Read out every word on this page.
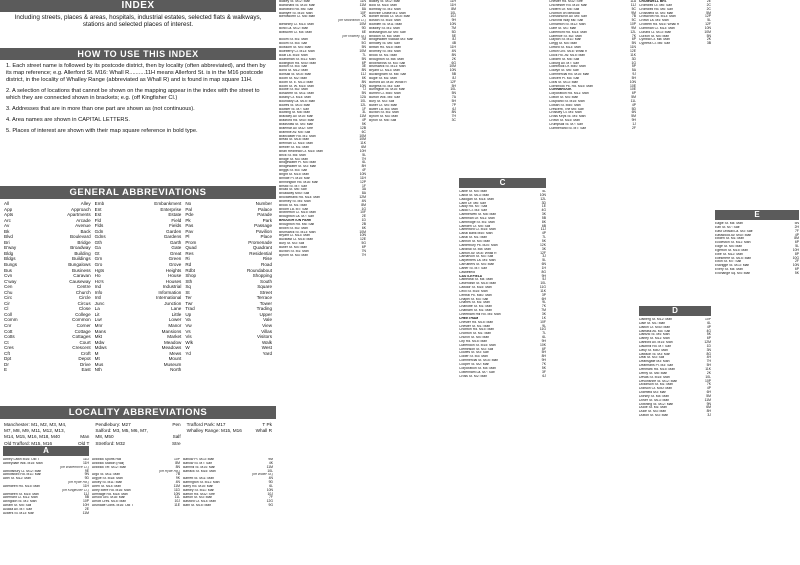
INDEX
Including streets, places & areas, hospitals, industrial estates, selected flats & walkways, stations and selected places of interest.
HOW TO USE THIS INDEX

1. Each street name is followed by its postcode district, then by locality (often abbreviated), and then by its map reference; e.g. Allerford St. M16: Whall R..........11H means Allerford St. is in the M16 postcode district, in the locality of Whalley Range (abbreviated as Whall R) and is found in map square 11H.

2. A selection of locations that cannot be shown on the mapping appear in the index with the street to which they are connected shown in brackets; e.g. (off Kingfisher Cl.)

3. Addresses that are in more than one part are shown as (not continuous).

4. Area names are shown in CAPITAL LETTERS.

5. Places of interest are shown with their map square reference in bold type.

GENERAL ABBREVIATIONS
All	Alley
App	Approach
Apts	Apartments
Arc	Arcade
Av	Avenue
Bk	Back
Blvd	Boulevard
Bri	Bridge
B'way	Broadway
Bldg	Building
Bldgs	Buildings
Bungs	Bungalows
Bus	Business
Cvn	Caravan
C'way	Causeway
Cen	Centre
Chu	Church
Circ	Circle
Cir	Circus
Cl	Close
Coll	College
Comm	Common
Cnr	Corner
Cott	Cottage
Cotts	Cottages
Ct	Court
Cres	Crescent
Cft	Croft
Dpt	Depot
Dr	Drive
E	East
Emb	Embankment
Ent	Enterprise
Est	Estate
Fld	Field
Flds	Fields
Gdn	Garden
Gdns	Gardens
Gth	Garth
Ga	Gate
Gt	Great
Grn	Green
Gro	Grove
Hgts	Heights
Ho	House
Ho's	Houses
Ind	Industrial
Info	Information
Intl	International
Junc	Junction
La	Lane
Lit	Little
Lwr	Lower
Mnr	Manor
Mans	Mansions
Mkt	Market
Mdw	Meadow
Mdws	Meadows
M	Mews
Mt	Mount
Mus	Museum
Nth	North
No	Number
Pal	Palace
Pde	Parade
Pk	Park
Pas	Passage
Pav	Pavilion
Pl	Place
Prom	Promenade
Quad	Quadrant
Res	Residential
Ri	Rise
Rd	Road
Rdbt	Roundabout
Shop	Shopping
Sth	South
Sq	Square
St	Street
Ter	Terrace
Twr	Tower
Trad	Trading
Up	Upper
Va	Vale
Vw	View
Vs	Villas
Vis	Visitors
Wlk	Walk
W	West
Yd	Yard
LOCALITY ABBREVIATIONS
Manchester: M1, M2, M3, M4,
M7, M8, M9, M11, M12, M13,
M14, M15, M16, M18, M40	Man
Old Trafford: M15, M16	Old T
Pendlebury: M27	Pen
Salford: M3, M5, M6, M7,
M8, M50	Salf
Stretford: M32	Stre
Trafford Park: M17	T Pk
Whalley Range: M15, M16	Whall R
A
Abbey Lawn M16: Old T	11D
Abbeydale Wlk. M15: Man	11H
(off Wilberforce Cl.)
Abbotsbury Cl. M12: Man	9E
Abbotsford Rd. M11: Man	9N
Abel St. M12: Man	9D
(off Hyde Rd.)
Aberdeen Ho. M15: Man	11H
(off Kingfisher Cl.)
Aberdeen St. M15: Man	11J
Abernant Cl. M11: Man	5B
Abingdon St. M1: Man	10P
Abram St. M5: Salf	10H
Acacia Av. M7: Salf	2E
Ackers St. M13: Man	11M
Ardwick Sports Hall	10P
Ardwick Station (Rail)	8M
Ardwick Ter. M12: Man	8N
(off Hyde Rd.)
Argo St. M11: Man	7B
Argyle St. M18: Man	9K
Arkley St. M11: Man	4N
Arlen St. M14: Man	11M
Arley Mere Rd. M16: Man	11D
Armitage Rd. M18: Man	10N
Arnold Gro. M18: Man	11L
Arnott Cres. M15: Man	10J
Arundale Gdns. M16: Old T	11E
Barlow Pl. M13: Man	9M
Barlow St. M7: Salf	4K
Barnhill St. M14: Man	11M
Barrack St. M15: Man	10L
(off Water St.)
Barrett St. M11: Man	4N
Barrington St. M11: Man	9D
Barry Rd. M15: Man	6L
Bartley St. M11: Man	10N
Barton Rd. M32: Stre	10J
Barton St. M3: Man	7F
Basford Ct. M14: Man	12G
Bath St. M15: Man	9G
Blakey St. M12: Man	11N
Blanchard St. M15: Man	11M
Blandford Rd. M6: Salf	8A
Blantyre St. M15: Man	10F
Blendworth Cl. M8: Man	2K
(off Moordown Cl.)
Bletchley Cl. M13: Man	10M
Blind La. M12: Man	9D
Blisworth Cl. M4: Man	6E
(off Rodney St.)
Bloom St. M1: Man	7M
Bloom St. M3: Salf	5G
Blossom St. M4: Man	5N
Blueberry Cl. M13: Man	10M
Boat La. M15: Man	7L
Boardman St. M11: Man	5N
Bollington Rd. M40: Man	6P
Bolton St. M3: Salf	3E
Bond St. M12: Man	8N
Bonsall St. M15: Man	11J
Booth St. M2: Man	6K
Booth St. E. M13: Man	8N
Booth St. W. M15: Man	10N
Bootle St. M2: Man	7J
Bosworth St. M11: Man	5N
Botany Ct. M14: Man	12A
Boundary La. M15: Man	10L
Bowes St. M14: Man	12L
Bowker St. M7: Salf	1F
Bowling St. M8: Man	3L
Brackley Av. M15: Man	11M
Bradford Rd. M40: Man	4P
Bradshaw St. M4: Man	5K
Braemar Av. M32: Stre	12B
Bramble Av. M5: Salf	6C
Brancaster Rd. M1: Man	10M
Bread St. M18: Man	10M
Brennan Cl. M15: Man	11K
Brewer St. M1: Man	6M
Brian Redhead Ct. M15: Man	10H
Brick St. M4: Man	5L
Bridge St. M3: Man	7H
Bridgewater Pl. M4: Man	6L
Bridgewater St. M3: Man	8H
Briggs St. M3: Salf	4F
Bright St. M15: Man	10N
Brindle Pl. M15: Man	11H
Brinnington Rd. M16: Man	12P
Bristol St. M7: Salf	1F
Broad St. M6: Salf	3A
Broadway M50: Salf	8A
Brocklebank Rd. M14: Man	12M
Bromley St. M4: Man	4N
Brook St. M1: Man	8M
Broom La. M7: Salf	1G
Brotherton Cl. M15: Man	10F
Broughton La. M7: Salf	2E
BROUGHTON PARK	1D
Broughton Rd. M6: Salf	2B
Brown St. M2: Man	6K
Brunswick St. M13: Man	10M
Bryant Cl. M13: Man	10N
Buckfast Cl. M16: Man	12E
Bury St. M3: Salf	5G
Butler St. M4: Man	6P
Buxton St. M1: Man	7N
Byrom St. M3: Man	7H
Blakey St. M12: Man	11H
Bold St. M15: Man	11H
Bombay St. M1: Man	8M
Bonville Chase M1: Man	10L
Border Brook Ct. M15: Man	10J
Boston St. M15: Man	9H
Bowden St. M11: Man	10N
Bradley St. M1: Man	7M
Brassington Av. M5: Salf	5D
Briddon St. M3: Man	5E
Bridgewater Viaduct M3: Man	8J
Brindley St. M6: Salf	4B
Brittan Ho. M15: Man	11H
Bromley St. M4: Man	4N
Brook St. M1: Man	8N
Broughton St. M8: Man	2K
Browncross St. M3: Salf	6G
Brunswick St. M13: Man	10M
Bryant Cl. M13: Man	10N
Buckingham St. M5: Salf	5B
Bugle St. M1: Man	8J
Burford Av. M16: Whall R	12F
Burgess St. M3: Salf	5H
Burlington St. M15: Man	10L
Burnell Cl. M40: Man	5N
Burton Wlk. M5: Salf	7A
Bury St. M3: Salf	5H
Butler Ct. M4: Man	7P
Butter La. M3: Man	6J
Buxton St. M1: Man	8N
Byrom St. M3: Man	7H
Byron St. M6: Salf	3C
C
Cable St. M4: Man	5L
Cabot St. M13: Man	10N
Cadogan St. M14: Man	12L
Cairn Dr. M6: Salf	3D
Caldy Rd. M7: Salf	1E
Calico Cl. M3: Salf	4G
Camberwell St. M8: Man	3K
Cambrian Dr. M11: Man	5B
Cambridge St. M1: Man	8K
Camden Ct. M5: Salf	6B
Camelford Cl. M15: Man	11J
Canal Bank M40: Man	4P
Canal St. M1: Man	7L
Cannon St. M4: Man	5K
Canterbury Pk. M20: Man	12K
Cardinal St. M8: Man	3K
Carlton Av. M16: Whall R	12F
Carnarvon St. M3: Salf	3J
Carpenters La. M4: Man	5L
Carruthers St. M4: Man	6N
Carter St. M7: Salf	1H
Castlefield	8G
CASTLEFIELD	9H
Cathedral St. M4: Man	5J
Cavendish St. M15: Man	10L
Cawdor St. M15: Man	11G
Cecil St. M15: Man	11K
Central Pk. M40: Man	3P
Chapel St. M3: Salf	6H
Charles St. M1: Man	9L
Charlotte St. M1: Man	7K
Chatham St. M1: Man	7M
Cheetham Hill Rd. M4: Man	3K
CHEETHAM	1K
Chester Rd. M15: Man	10F
Chester St. M1: Man	9L
Chorlton Rd. M15: Man	11G
Chorlton St. M1: Man	7L
Church St. M4: Man	6L
City Rd. M15: Man	9H
Clarendon St. M15: Man	10K
Cleminson St. M3: Salf	6F
Clowes St. M3: Salf	5H
Collier St. M3: Man	8H
Commercial St. M15: Man	9H
Cooper St. M2: Man	7K
Corporation St. M4: Man	5K
Cottenham La. M7: Salf	3F
Cross St. M2: Man	6J
Chester Rd. M32: Stre	11A
Chichester Rd. M15: Man	11J
Chiltern Dr. M6: Salf	5C
Chorlton on Medlock	9M
Christchurch Av. M5: Salf	7B
Churchill Way M6: Salf	5C
Cinnamon St. M12: Man	10P
Clare St. M1: Man	9M
Claremont Rd. M14: Man	12L
Clarence St. M2: Man	7K
Clayton St. M11: Man	6P
Clegg St. M4: Man	5N
Clifford St. M13: Man	11N
Clifton Gro. M16: Whall R	12E
Clock Ho. Av. M15: Man	11K
Cobden St. M6: Salf	3D
Coburg Av. M7: Salf	1G
Colebrook Dr. M40: Man	5P
Colwyn St. M6: Salf	5A
Commercial Rd. M15: Man	9J
Concert Pl. M3: Salf	5H
Coral St. M13: Man	10N
Cornbrook Pk. Rd. M15: Man	10E
CORNBROOK	10E
Corporation Rd. M11: Man	6P
Cotton St. M4: Man	5M
Coupland St. M15: Man	11L
Cowan St. M40: Man	4P
Crescent, The M5: Salf	5D
Crossley Ct. M4: Man	6N
Cross Keys St. M4: Man	5M
Crown St. M15: Man	9H
Crumpsall St. M7: Salf	1J
Cumberland St. M7: Salf	2F
CROMWELL BRI.	2E
Cromwell Ct. M6: Salf	2C
Cromwell Rd. M6: Salf	2C
Crossfield St. M4: Man	5M
Crowcroft Rd. M13: Man	12P
Crown La. M4: Man	5L
Croxteth Rd. M16: Whall R	12F
Cumbrian Cl. M13: Man	10N
Cunard Cl. M13: Man	10M
Curzon St. M4: Man	5N
Cymbal Ct. M8: Man	2K
Cypress Cl. M6: Salf	3B
D
Dalberg St. M12: Man	10P
Dale St. M1: Man	6L
Dalton Ct. M40: Man	4P
Damask Av. M3: Salf	4G
Dantzic St. M4: Man	5K
Darley St. M11: Man	6P
Dartford Av. M14: Man	12M
Daubhill Rd. M7: Salf	1D
Davy St. M40: Man	3N
Dawson St. M3: Man	8G
Deal St. M3: Salf	4H
Deansgate M3: Man	7H
Dearmans Pl. M3: Salf	5H
Denmark Rd. M15: Man	11K
Derby St. M8: Man	2K
Devas St. M15: Man	10L
Devonshire St. M12: Man	10P
Dickinson St. M1: Man	7K
Dobson Ct. M40: Man	4P
Dolefield M3: Man	6H
Dorsey St. M4: Man	5M
Dover St. M13: Man	11M
Downing St. M12: Man	9N
Ducie St. M1: Man	6M
Duke St. M3: Man	8H
Dutton St. M3: Man	3J
E
Eagle St. M4: Man	5N
Earl St. M7: Salf	2H
East Ordsall La. M3: Salf	7F
Eastwood Av. M40: Man	4P
Ebden St. M1: Man	8M
Eccleston St. M11: Man	6P
Edge St. M4: Man	5L
Egerton St. M15: Man	10H
Elbe St. M12: Man	8P
Ellesmere St. M15: Man	10G
Elton St. M7: Salf	2F
Eskrigge St. M13: Man	10N
Every St. M4: Man	6P
Exchange Sq. M4: Man	5K
